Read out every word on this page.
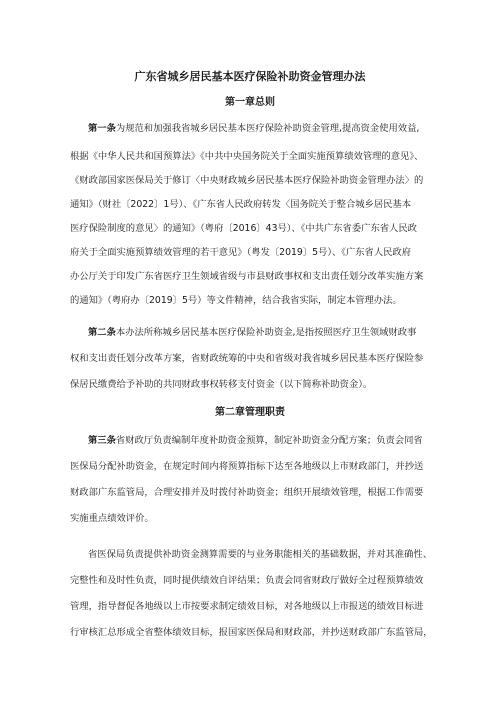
广东省城乡居民基本医疗保险补助资金管理办法
第一章总则
第一条为规范和加强我省城乡居民基本医疗保险补助资金管理,提高资金使用效益,
根据《中华人民共和国预算法》《中共中央国务院关于全面实施预算绩效管理的意见》、
《财政部国家医保局关于修订〈中央财政城乡居民基本医疗保险补助资金管理办法〉的
通知》（财社〔2022〕1号）、《广东省人民政府转发〈国务院关于整合城乡居民基本
医疗保险制度的意见〉的通知》（粤府〔2016〕43号）、《中共广东省委广东省人民政
府关于全面实施预算绩效管理的若干意见》（粤发〔2019〕5号）、《广东省人民政府
办公厅关于印发广东省医疗卫生领域省级与市县财政事权和支出责任划分改革实施方案
的通知》（粤府办〔2019〕5号）等文件精神，结合我省实际，制定本管理办法。
第二条本办法所称城乡居民基本医疗保险补助资金,是指按照医疗卫生领域财政事
权和支出责任划分改革方案，省财政统筹的中央和省级对我省城乡居民基本医疗保险参
保居民缴费给予补助的共同财政事权转移支付资金（以下简称补助资金）。
第二章管理职责
第三条省财政厅负责编制年度补助资金预算，制定补助资金分配方案；负责会同省
医保局分配补助资金，在规定时间内将预算指标下达至各地级以上市财政部门，并抄送
财政部广东监管局，合理安排并及时拨付补助资金；组织开展绩效管理，根据工作需要
实施重点绩效评价。
省医保局负责提供补助资金测算需要的与业务职能相关的基础数据，并对其准确性、
完整性和及时性负责，同时提供绩效自评结果；负责会同省财政厅做好全过程预算绩效
管理，指导督促各地级以上市按要求制定绩效目标，对各地级以上市报送的绩效目标进
行审核汇总形成全省整体绩效目标，报国家医保局和财政部，并抄送财政部广东监管局，
